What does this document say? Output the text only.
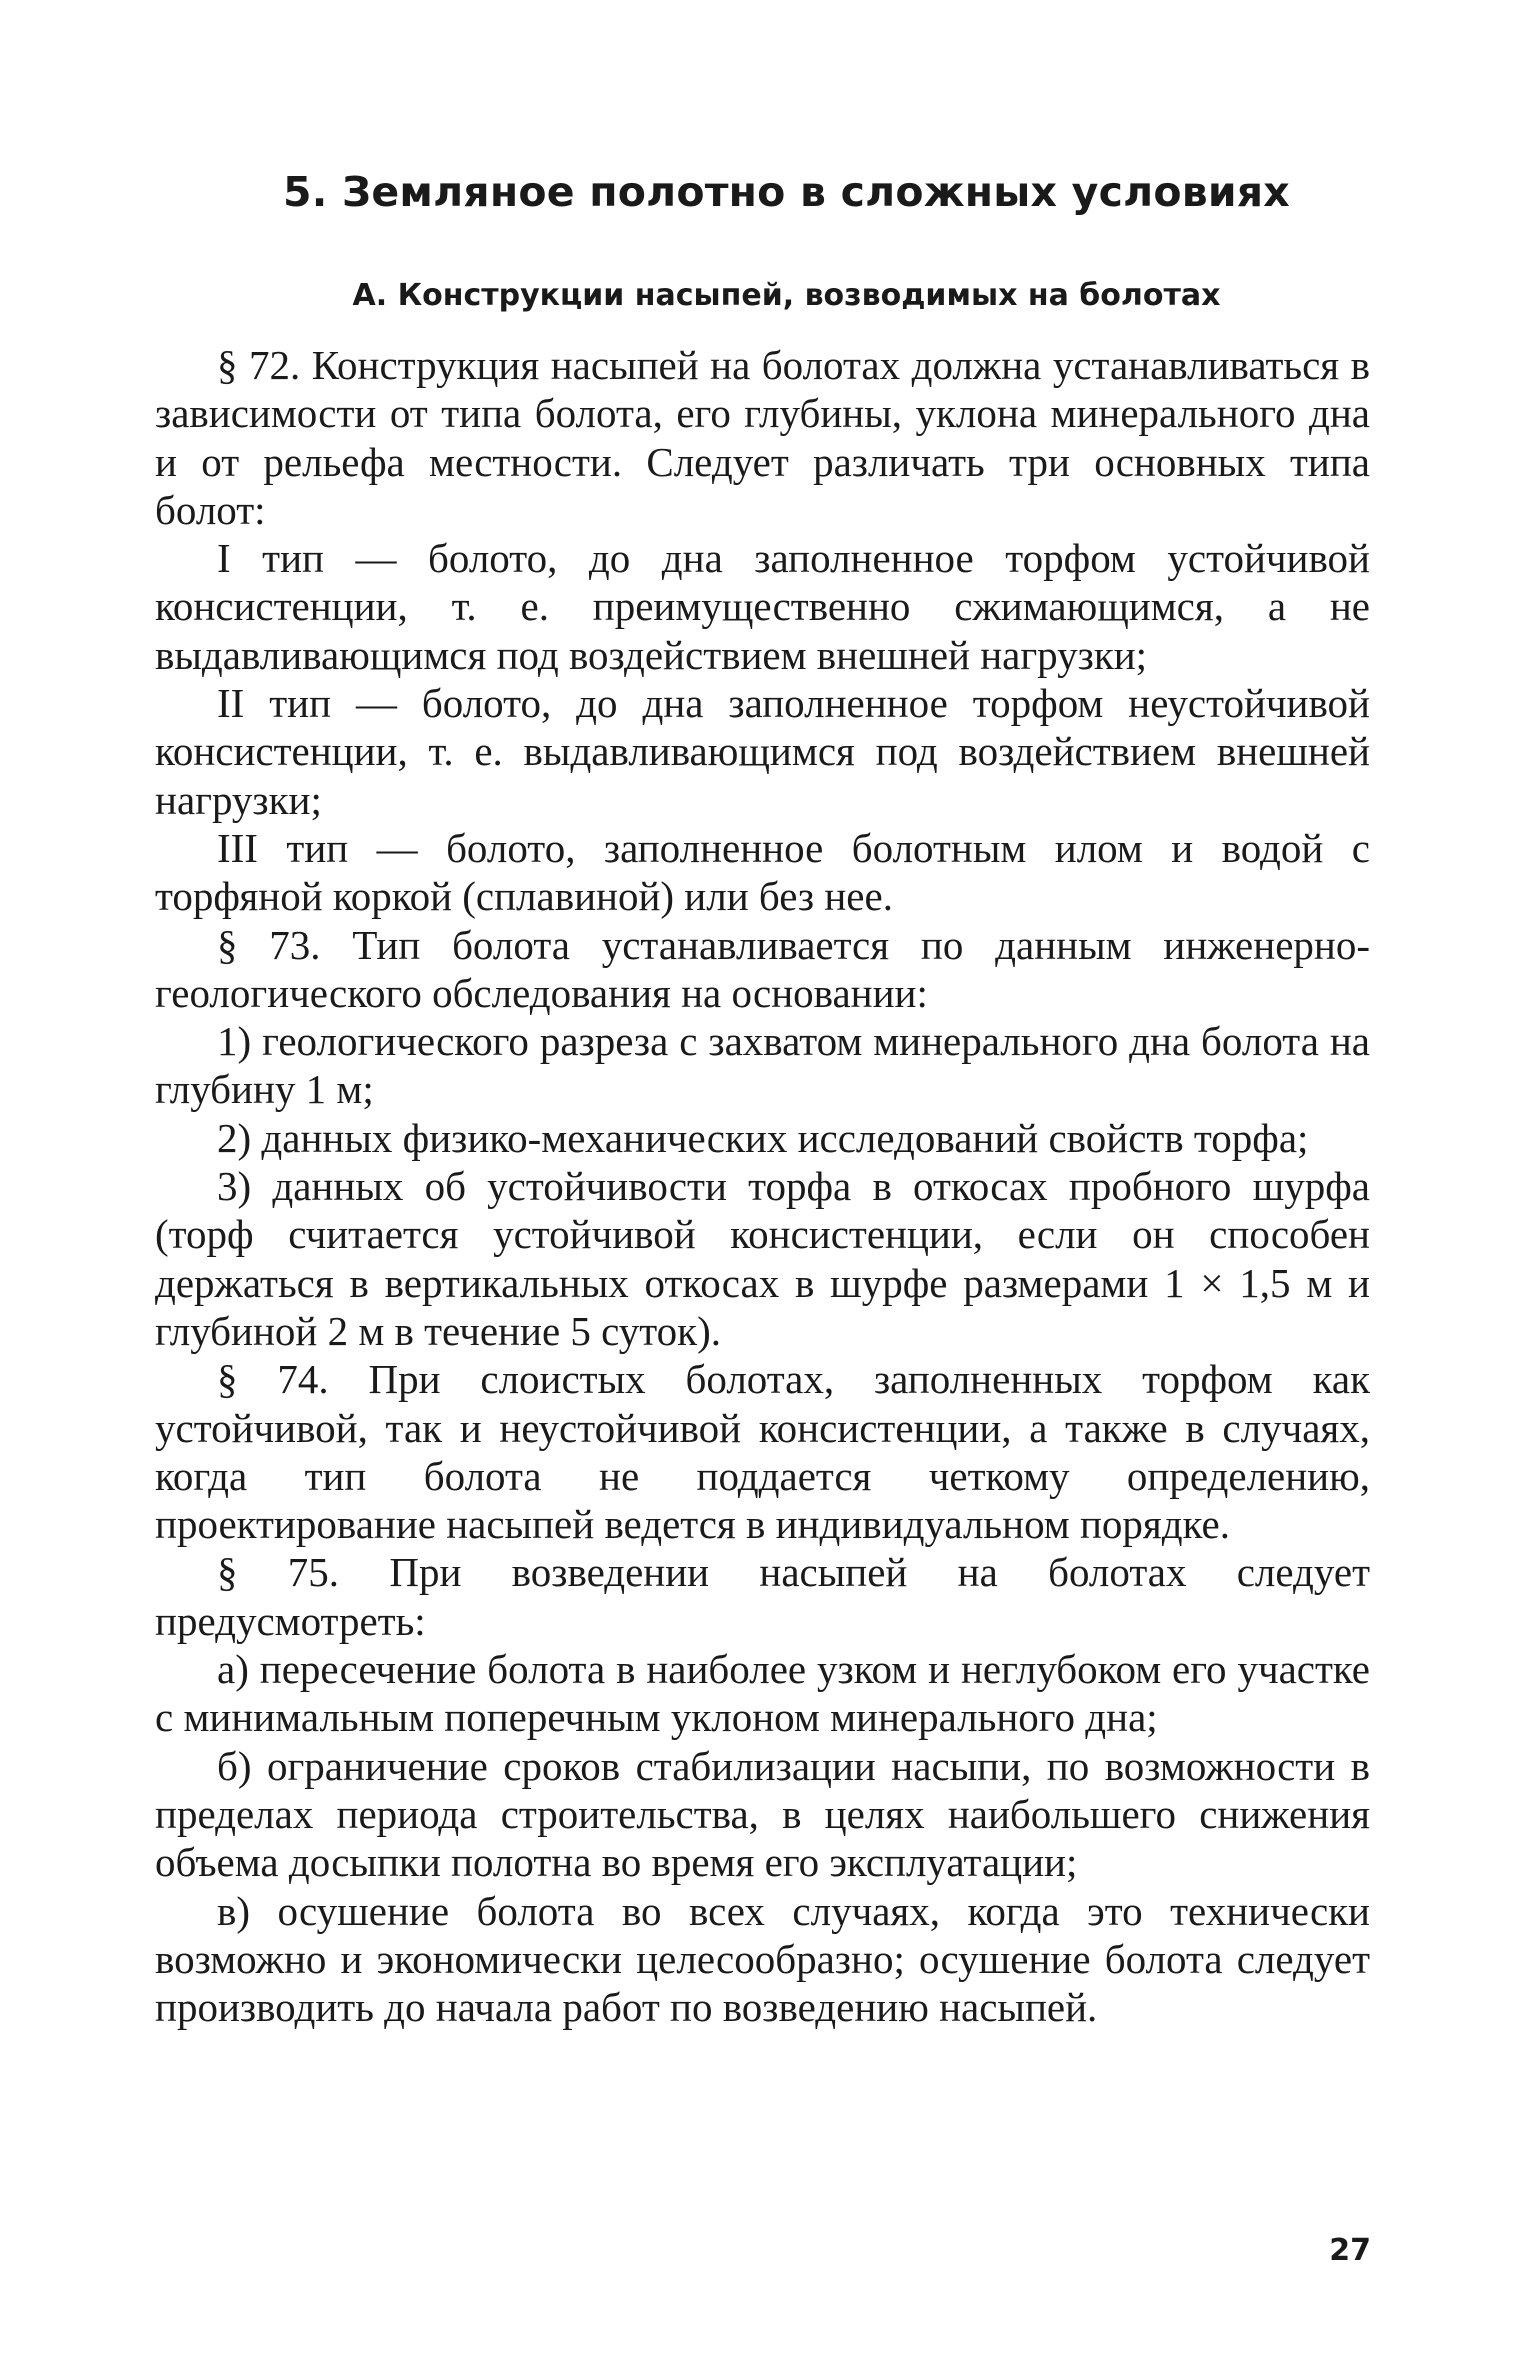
5. Земляное полотно в сложных условиях
А. Конструкции насыпей, возводимых на болотах

§ 72. Конструкция насыпей на болотах должна устанавливаться в зависимости от типа болота, его глубины, уклона минерального дна и от рельефа местности. Следует различать три основных типа болот:

I тип — болото, до дна заполненное торфом устойчивой консистенции, т. е. преимущественно сжимающимся, а не выдавливающимся под воздействием внешней нагрузки;

II тип — болото, до дна заполненное торфом неустойчивой консистенции, т. е. выдавливающимся под воздействием внешней нагрузки;

III тип — болото, заполненное болотным илом и водой с торфяной коркой (сплавиной) или без нее.

§ 73. Тип болота устанавливается по данным инженерно-геологического обследования на основании:

1) геологического разреза с захватом минерального дна болота на глубину 1 м;

2) данных физико-механических исследований свойств торфа;

3) данных об устойчивости торфа в откосах пробного шурфа (торф считается устойчивой консистенции, если он способен держаться в вертикальных откосах в шурфе размерами 1 × 1,5 м и глубиной 2 м в течение 5 суток).

§ 74. При слоистых болотах, заполненных торфом как устойчивой, так и неустойчивой консистенции, а также в случаях, когда тип болота не поддается четкому определению, проектирование насыпей ведется в индивидуальном порядке.

§ 75. При возведении насыпей на болотах следует предусмотреть:

а) пересечение болота в наиболее узком и неглубоком его участке с минимальным поперечным уклоном минерального дна;

б) ограничение сроков стабилизации насыпи, по возможности в пределах периода строительства, в целях наибольшего снижения объема досыпки полотна во время его эксплуатации;

в) осушение болота во всех случаях, когда это технически возможно и экономически целесообразно; осушение болота следует производить до начала работ по возведению насыпей.

27
